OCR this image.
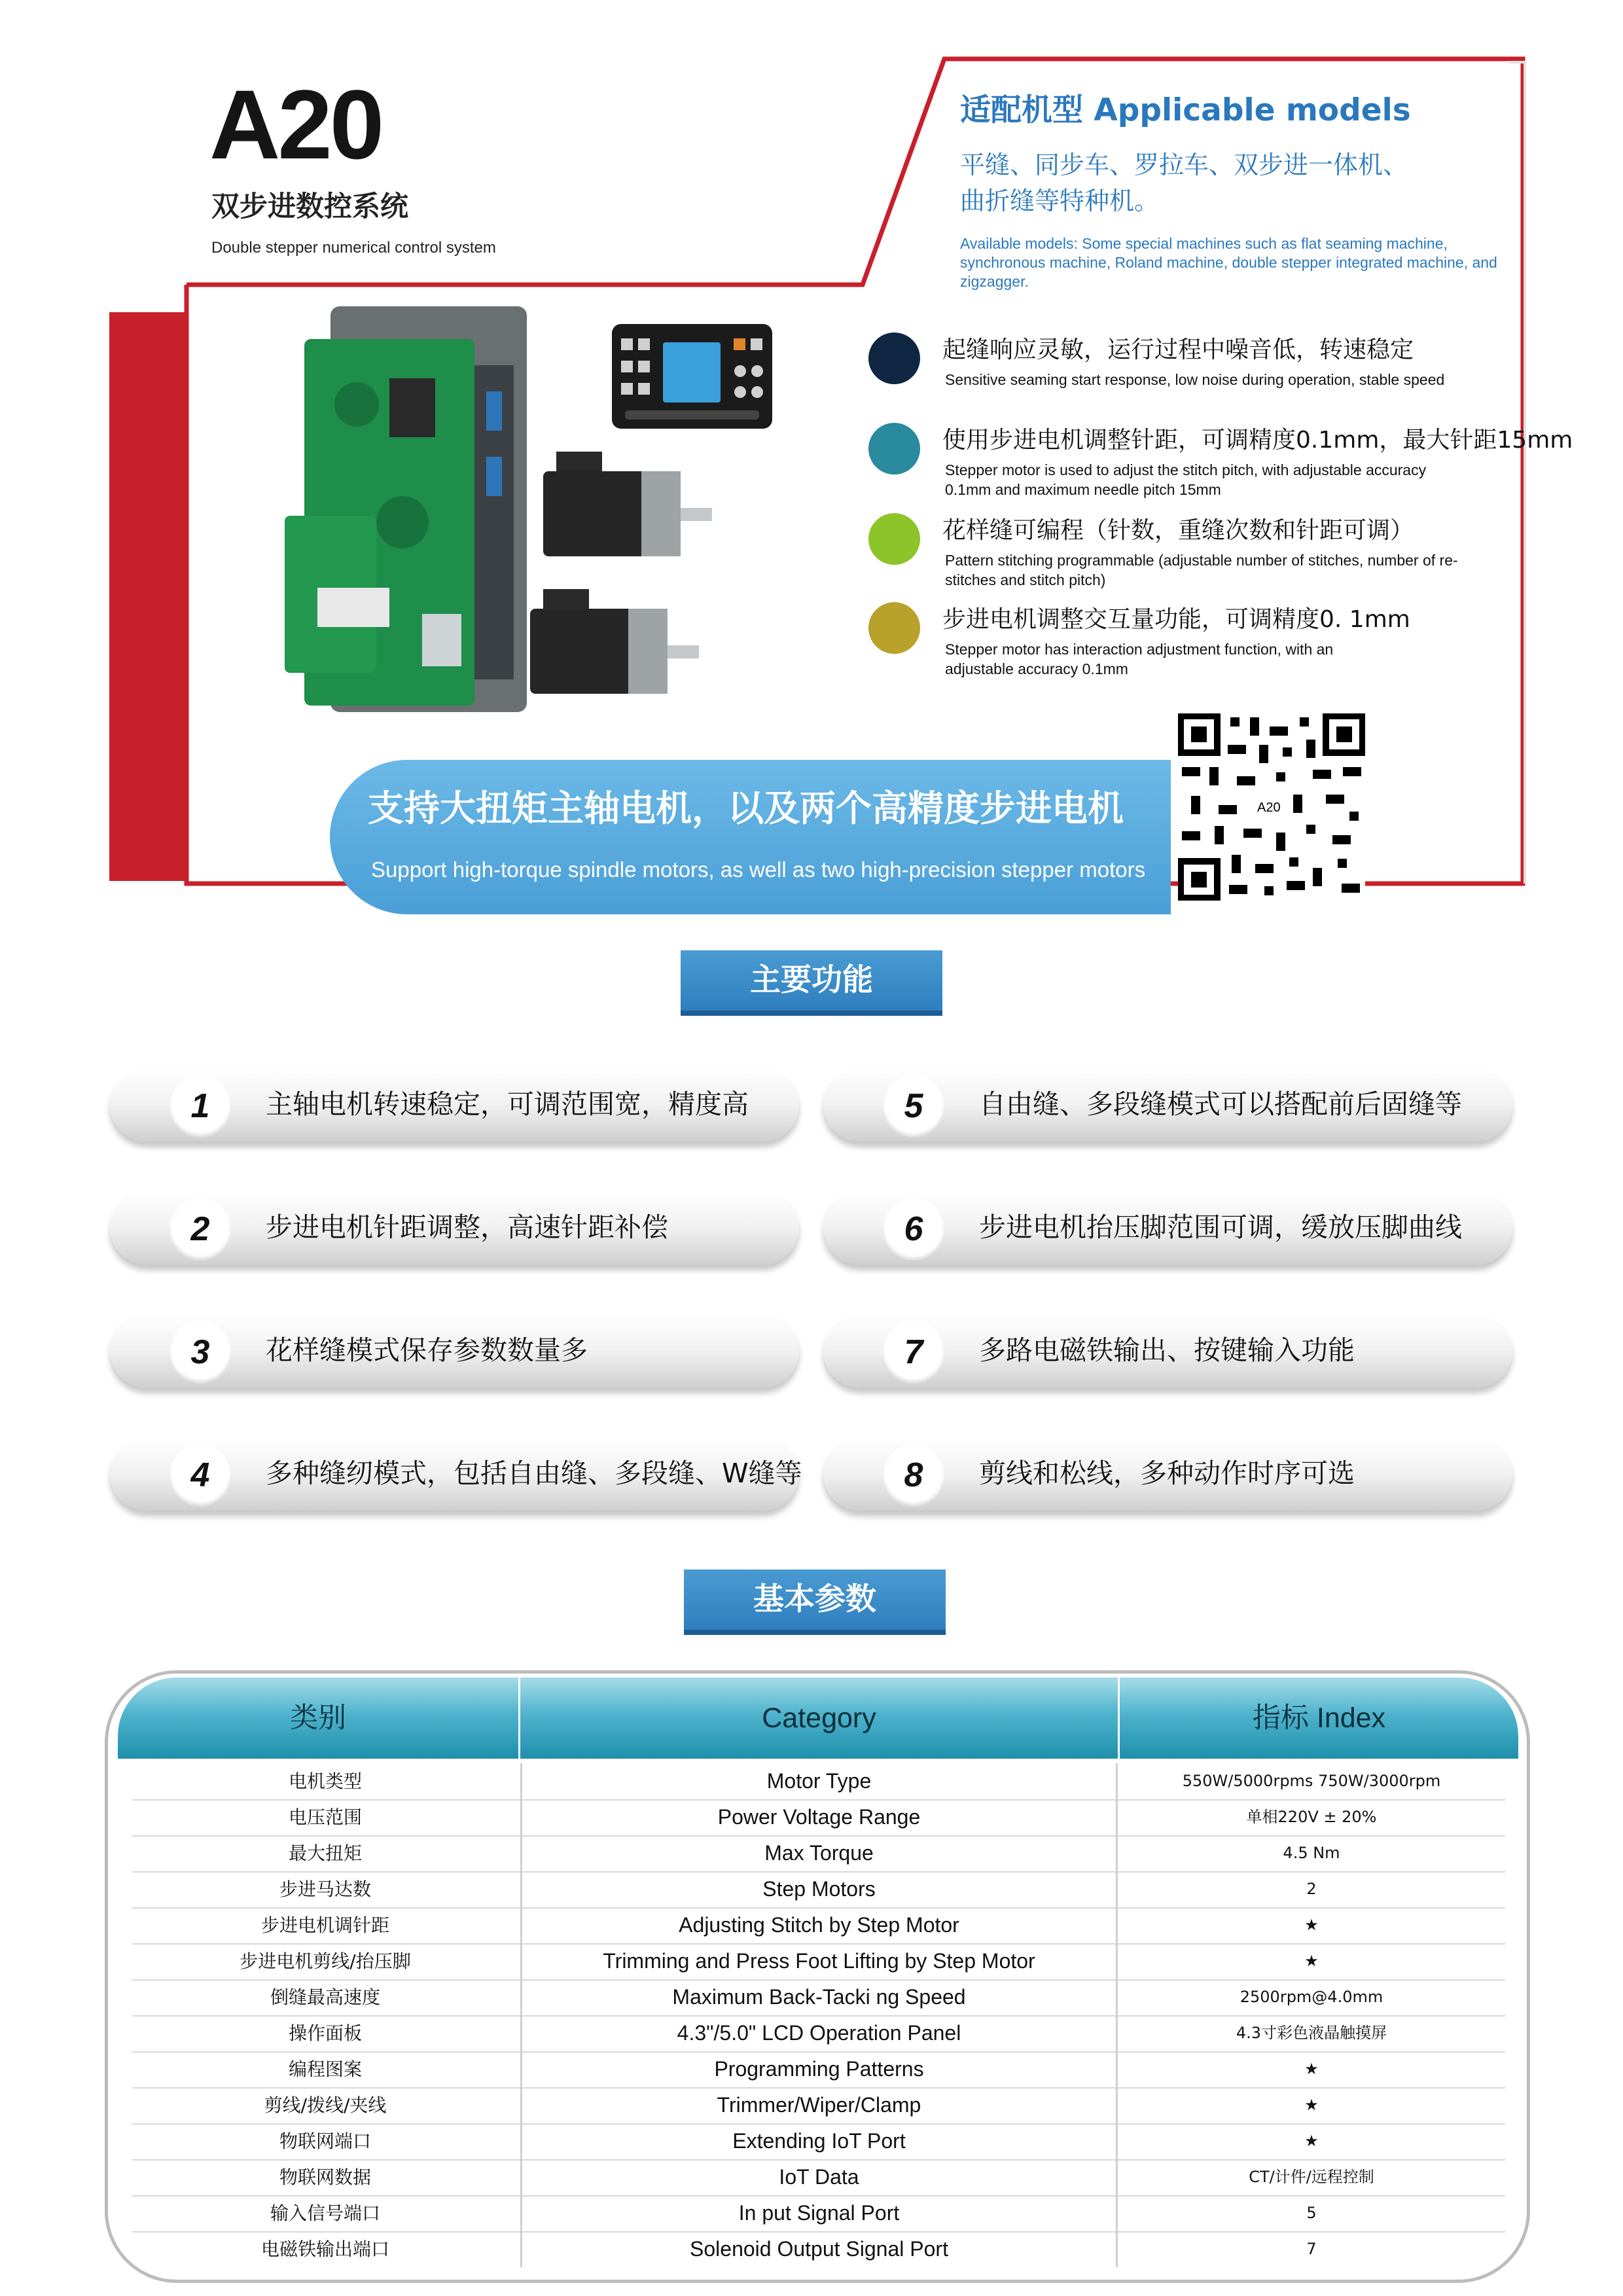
A20
双步进数控系统
Double stepper numerical control system
适配机型 Applicable models
平缝、同步车、罗拉车、双步进一体机、
曲折缝等特种机。
Available models: Some special machines such as flat seaming machine, synchronous machine, Roland machine, double stepper integrated machine, and zigzagger.
起缝响应灵敏，运行过程中噪音低，转速稳定
Sensitive seaming start response, low noise during operation, stable speed
使用步进电机调整针距，可调精度0.1mm，最大针距15mm
Stepper motor is used to adjust the stitch pitch, with adjustable accuracy 0.1mm and maximum needle pitch 15mm
花样缝可编程（针数，重缝次数和针距可调）
Pattern stitching programmable (adjustable number of stitches, number of re-stitches and stitch pitch)
步进电机调整交互量功能，可调精度0. 1mm
Stepper motor has interaction adjustment function, with an adjustable accuracy 0.1mm
支持大扭矩主轴电机，以及两个高精度步进电机
Support high-torque spindle motors, as well as two high-precision stepper motors
A20
主要功能
1	主轴电机转速稳定，可调范围宽，精度高
2	步进电机针距调整，高速针距补偿
3	花样缝模式保存参数数量多
4	多种缝纫模式，包括自由缝、多段缝、W缝等
5	自由缝、多段缝模式可以搭配前后固缝等
6	步进电机抬压脚范围可调，缓放压脚曲线
7	多路电磁铁输出、按键输入功能
8	剪线和松线，多种动作时序可选
基本参数
类别	Category	指标 Index
电机类型	Motor Type	550W/5000rpms 750W/3000rpm
电压范围	Power Voltage Range	单相220V ± 20%
最大扭矩	Max Torque	4.5 Nm
步进马达数	Step Motors	2
步进电机调针距	Adjusting Stitch by Step Motor	★
步进电机剪线/抬压脚	Trimming and Press Foot Lifting by Step Motor	★
倒缝最高速度	Maximum Back-Tacki ng Speed	2500rpm@4.0mm
操作面板	4.3"/5.0" LCD Operation Panel	4.3寸彩色液晶触摸屏
编程图案	Programming Patterns	★
剪线/拨线/夹线	Trimmer/Wiper/Clamp	★
物联网端口	Extending IoT Port	★
物联网数据	IoT Data	CT/计件/远程控制
输入信号端口	In put Signal Port	5
电磁铁输出端口	Solenoid Output Signal Port	7
